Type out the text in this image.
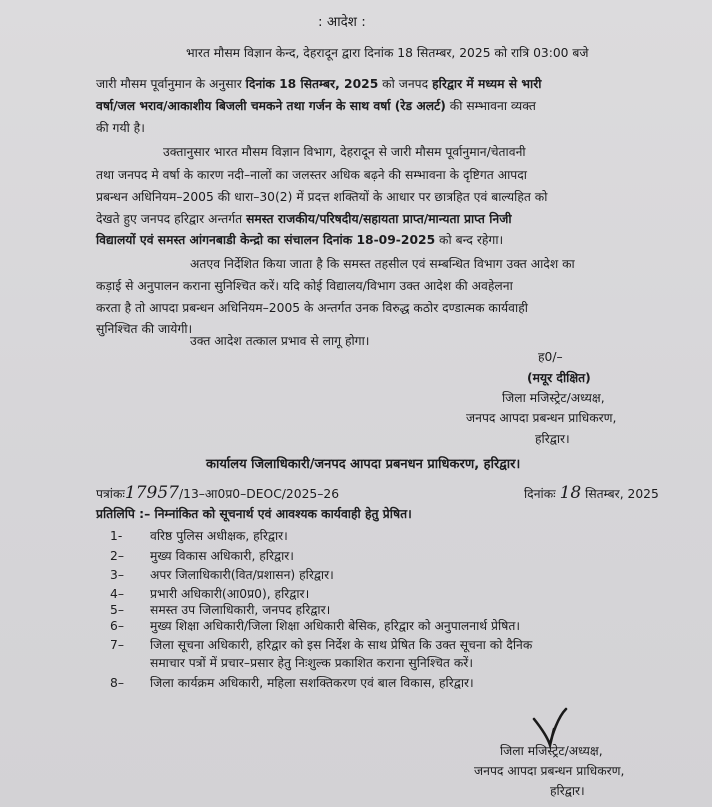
: आदेश :
भारत मौसम विज्ञान केन्द, देहरादून द्वारा दिनांक 18 सितम्बर, 2025 को रात्रि 03:00 बजे
जारी मौसम पूर्वानुमान के अनुसार दिनांक 18 सितम्बर, 2025 को जनपद हरिद्वार में मध्यम से भारी
वर्षा/जल भराव/आकाशीय बिजली चमकने तथा गर्जन के साथ वर्षा (रेड अलर्ट) की सम्भावना व्यक्त
की गयी है।
उक्तानुसार भारत मौसम विज्ञान विभाग, देहरादून से जारी मौसम पूर्वानुमान/चेतावनी
तथा जनपद मे वर्षा के कारण नदी–नालों का जलस्तर अधिक बढ़ने की सम्भावना के दृष्टिगत आपदा
प्रबन्धन अधिनियम–2005 की धारा–30(2) में प्रदत्त शक्तियों के आधार पर छात्रहित एवं बाल्यहित को
देखते हुए जनपद हरिद्वार अन्तर्गत समस्त राजकीय/परिषदीय/सहायता प्राप्त/मान्यता प्राप्त निजी
विद्यालयों एवं समस्त आंगनबाडी केन्द्रो का संचालन दिनांक 18-09-2025 को बन्द रहेगा।
अतएव निर्देशित किया जाता है कि समस्त तहसील एवं सम्बन्धित विभाग उक्त आदेश का
कड़ाई से अनुपालन कराना सुनिश्चित करें। यदि कोई विद्यालय/विभाग उक्त आदेश की अवहेलना
करता है तो आपदा प्रबन्धन अधिनियम–2005 के अन्तर्गत उनक विरुद्ध कठोर दण्डात्मक कार्यवाही
सुनिश्चित की जायेगी।
उक्त आदेश तत्काल प्रभाव से लागू होगा।
ह0/–
(मयूर दीक्षित)
जिला मजिस्ट्रेट/अध्यक्ष,
जनपद आपदा प्रबन्धन प्राधिकरण,
हरिद्वार।
कार्यालय जिलाधिकारी/जनपद आपदा प्रबनधन प्राधिकरण, हरिद्वार।
पत्रांकः17957/13–आ0प्र0–DEOC/2025–26	दिनांकः 18 सितम्बर, 2025
प्रतिलिपि :– निम्नांकित को सूचनार्थ एवं आवश्यक कार्यवाही हेतु प्रेषित।
1- वरिष्ठ पुलिस अधीक्षक, हरिद्वार।
2– मुख्य विकास अधिकारी, हरिद्वार।
3– अपर जिलाधिकारी(वित/प्रशासन) हरिद्वार।
4– प्रभारी अधिकारी(आ0प्र0), हरिद्वार।
5– समस्त उप जिलाधिकारी, जनपद हरिद्वार।
6– मुख्य शिक्षा अधिकारी/जिला शिक्षा अधिकारी बेसिक, हरिद्वार को अनुपालनार्थ प्रेषित।
7– जिला सूचना अधिकारी, हरिद्वार को इस निर्देश के साथ प्रेषित कि उक्त सूचना को दैनिक
समाचार पत्रों में प्रचार–प्रसार हेतु निःशुल्क प्रकाशित कराना सुनिश्चित करें।
8– जिला कार्यक्रम अधिकारी, महिला सशक्तिकरण एवं बाल विकास, हरिद्वार।
जिला मजिस्ट्रेट/अध्यक्ष,
जनपद आपदा प्रबन्धन प्राधिकरण,
हरिद्वार।
